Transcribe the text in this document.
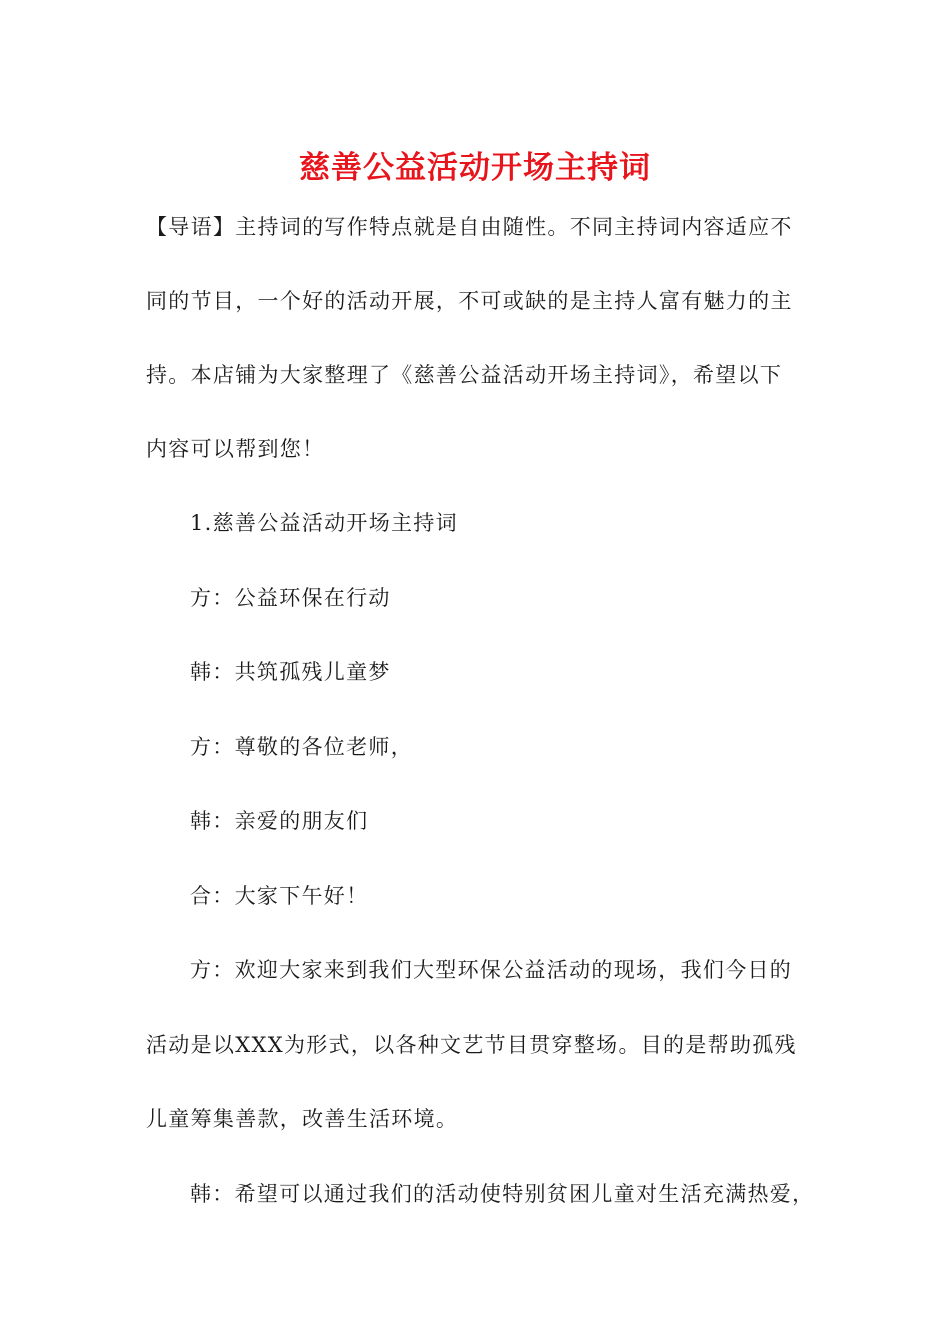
慈善公益活动开场主持词
【导语】主持词的写作特点就是自由随性。不同主持词内容适应不
同的节目，一个好的活动开展，不可或缺的是主持人富有魅力的主
持。本店铺为大家整理了《慈善公益活动开场主持词》，希望以下
内容可以帮到您！
1.慈善公益活动开场主持词
方：公益环保在行动
韩：共筑孤残儿童梦
方：尊敬的各位老师，
韩：亲爱的朋友们
合：大家下午好！
方：欢迎大家来到我们大型环保公益活动的现场，我们今日的
活动是以XXX为形式，以各种文艺节目贯穿整场。目的是帮助孤残
儿童筹集善款，改善生活环境。
韩：希望可以通过我们的活动使特别贫困儿童对生活充满热爱，
